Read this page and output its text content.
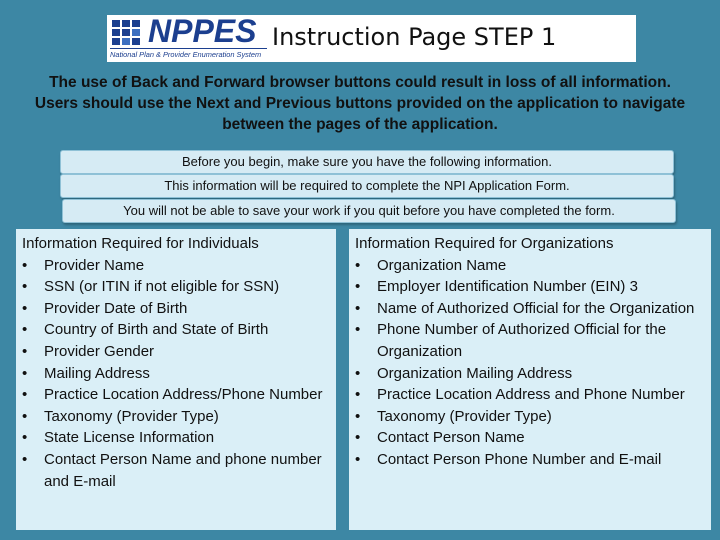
NPPES
National Plan & Provider Enumeration System
Instruction Page STEP 1
The use of Back and Forward browser buttons could result in loss of all information. Users should use the Next and Previous buttons provided on the application to navigate between the pages of the application.
Before you begin, make sure you have the following information.
This information will be required to complete the NPI Application Form.
You will not be able to save your work if you quit before you have completed the form.
Information Required for Individuals
• Provider Name
• SSN (or ITIN if not eligible for SSN)
• Provider Date of Birth
• Country of Birth and State of Birth
• Provider Gender
• Mailing Address
• Practice Location Address/Phone Number
• Taxonomy (Provider Type)
• State License Information
• Contact Person Name and phone number and E-mail
Information Required for Organizations
• Organization Name
• Employer Identification Number (EIN) 3
• Name of Authorized Official for the Organization
• Phone Number of Authorized Official for the Organization
• Organization Mailing Address
• Practice Location Address and Phone Number
• Taxonomy (Provider Type)
• Contact Person Name
• Contact Person Phone Number and E-mail
